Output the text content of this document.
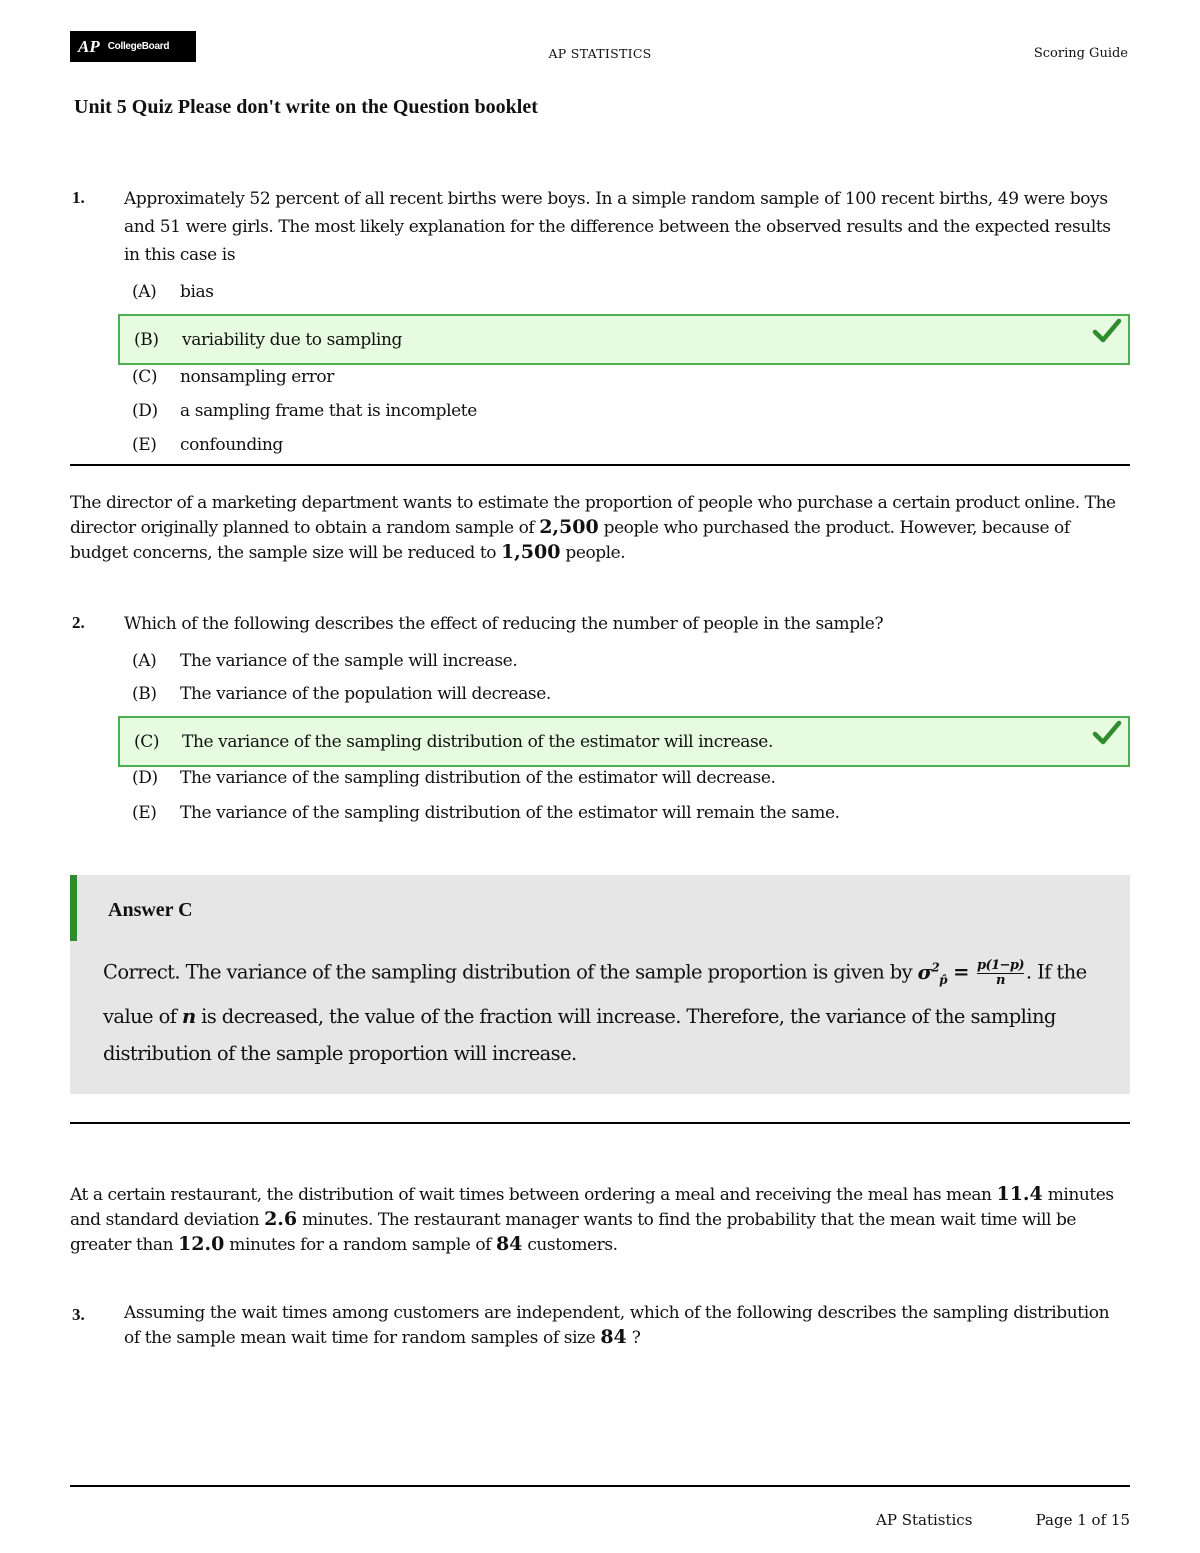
AP CollegeBoard	AP STATISTICS	Scoring Guide
Unit 5 Quiz Please don't write on the Question booklet
1. Approximately 52 percent of all recent births were boys. In a simple random sample of 100 recent births, 49 were boys and 51 were girls. The most likely explanation for the difference between the observed results and the expected results in this case is
(A)	bias
(B)	variability due to sampling
(C)	nonsampling error
(D)	a sampling frame that is incomplete
(E)	confounding
The director of a marketing department wants to estimate the proportion of people who purchase a certain product online. The director originally planned to obtain a random sample of 2,500 people who purchased the product. However, because of budget concerns, the sample size will be reduced to 1,500 people.
2. Which of the following describes the effect of reducing the number of people in the sample?
(A)	The variance of the sample will increase.
(B)	The variance of the population will decrease.
(C)	The variance of the sampling distribution of the estimator will increase.
(D)	The variance of the sampling distribution of the estimator will decrease.
(E)	The variance of the sampling distribution of the estimator will remain the same.
Answer C
Correct. The variance of the sampling distribution of the sample proportion is given by $\sigma^2_{p̂} = \frac{p(1-p)}{n}$ . If the value of n is decreased, the value of the fraction will increase. Therefore, the variance of the sampling distribution of the sample proportion will increase.
At a certain restaurant, the distribution of wait times between ordering a meal and receiving the meal has mean 11.4 minutes and standard deviation 2.6 minutes. The restaurant manager wants to find the probability that the mean wait time will be greater than 12.0 minutes for a random sample of 84 customers.
3. Assuming the wait times among customers are independent, which of the following describes the sampling distribution of the sample mean wait time for random samples of size 84 ?
AP Statistics	Page 1 of 15
